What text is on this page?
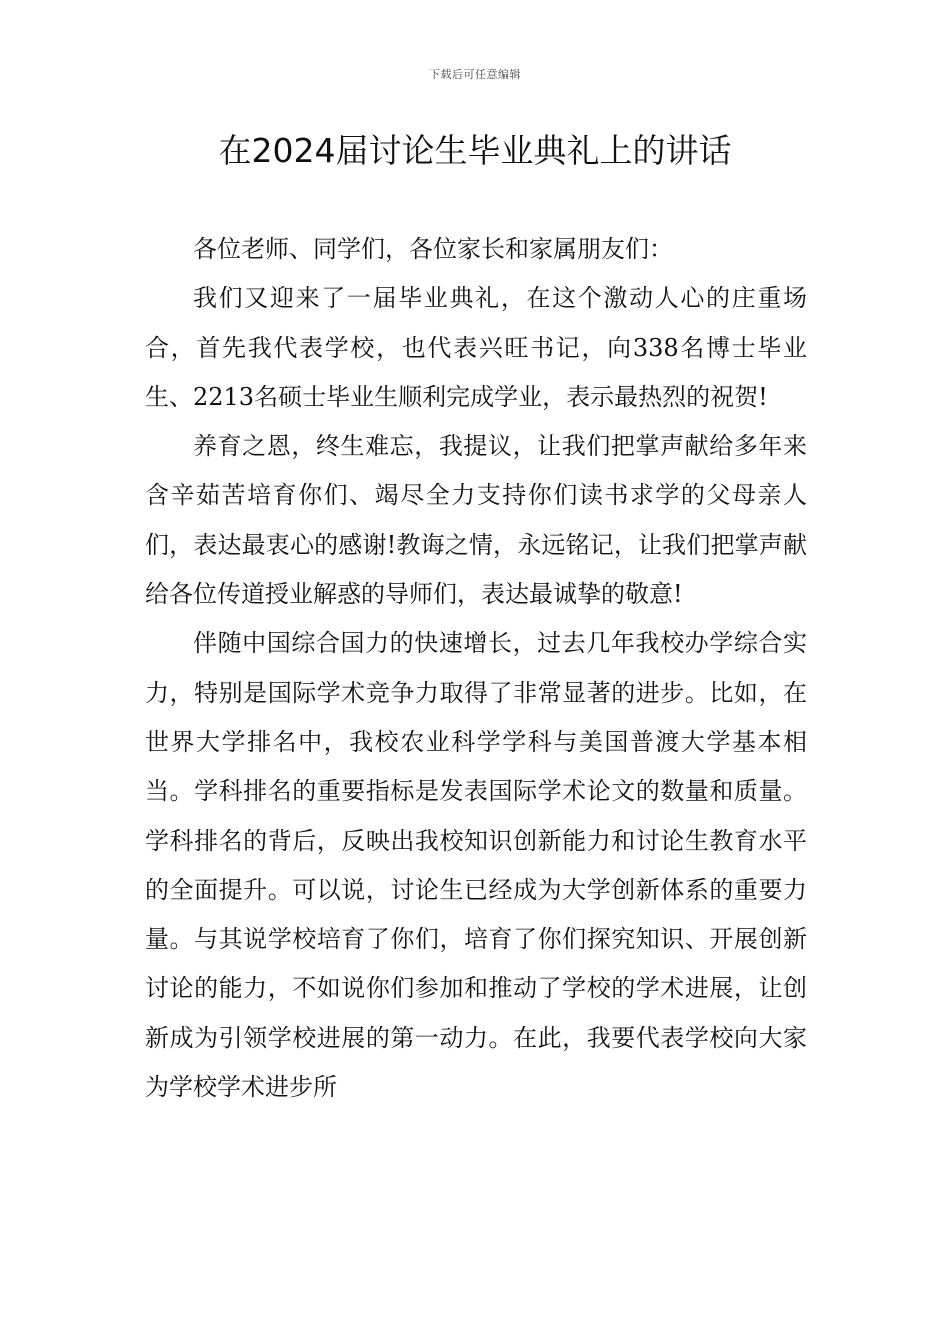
下载后可任意编辑
在2024届讨论生毕业典礼上的讲话

各位老师、同学们，各位家长和家属朋友们：

我们又迎来了一届毕业典礼，在这个激动人心的庄重场合，首先我代表学校，也代表兴旺书记，向338名博士毕业生、2213名硕士毕业生顺利完成学业，表示最热烈的祝贺!

养育之恩，终生难忘，我提议，让我们把掌声献给多年来含辛茹苦培育你们、竭尽全力支持你们读书求学的父母亲人们，表达最衷心的感谢!教诲之情，永远铭记，让我们把掌声献给各位传道授业解惑的导师们，表达最诚挚的敬意!

伴随中国综合国力的快速增长，过去几年我校办学综合实力，特别是国际学术竞争力取得了非常显著的进步。比如，在世界大学排名中，我校农业科学学科与美国普渡大学基本相当。学科排名的重要指标是发表国际学术论文的数量和质量。学科排名的背后，反映出我校知识创新能力和讨论生教育水平的全面提升。可以说，讨论生已经成为大学创新体系的重要力量。与其说学校培育了你们，培育了你们探究知识、开展创新讨论的能力，不如说你们参加和推动了学校的学术进展，让创新成为引领学校进展的第一动力。在此，我要代表学校向大家为学校学术进步所
